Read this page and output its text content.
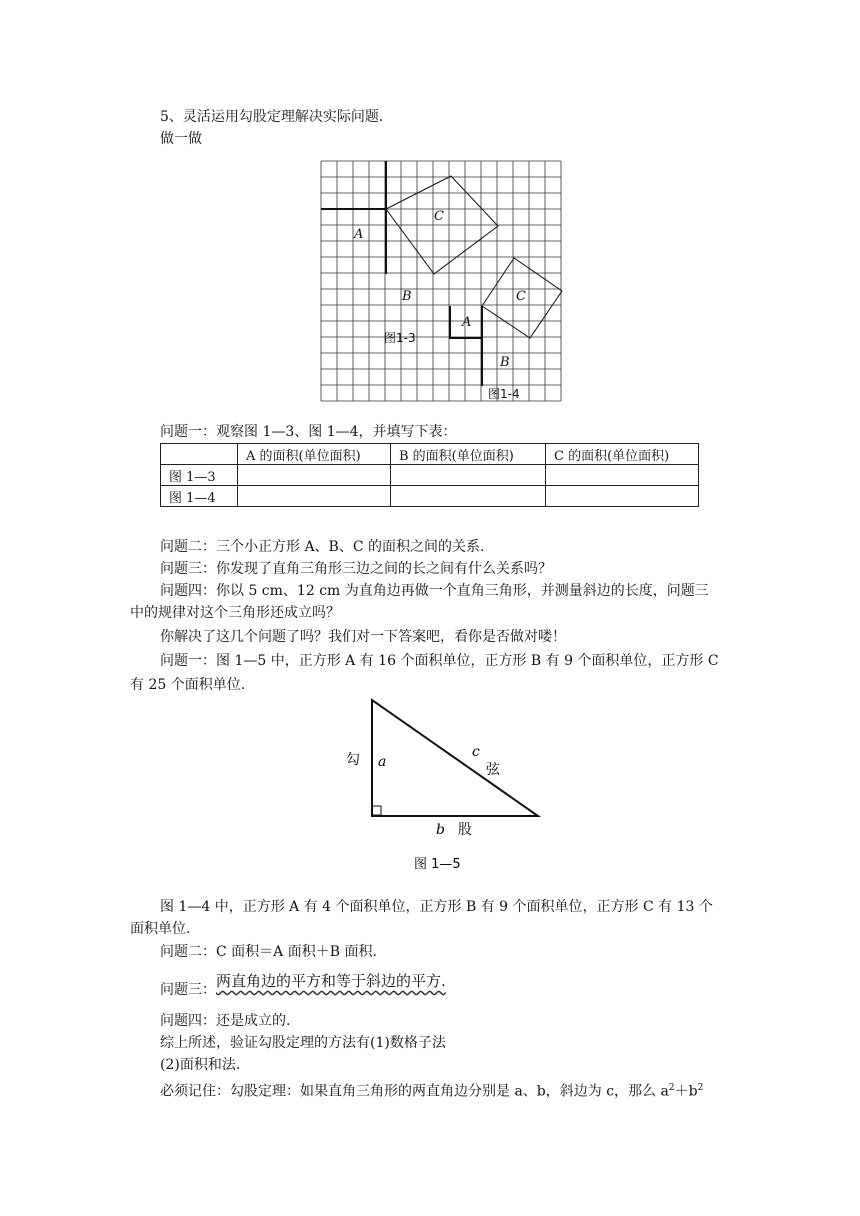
5、灵活运用勾股定理解决实际问题.
做一做
A
C
B	C
A
B
图1-3
图1-4
问题一：观察图 1—3、图 1—4，并填写下表：
	A 的面积(单位面积)	B 的面积(单位面积)	C 的面积(单位面积)
图 1—3			
图 1—4			
问题二：三个小正方形 A、B、C 的面积之间的关系.
问题三：你发现了直角三角形三边之间的长之间有什么关系吗？
问题四：你以 5 cm、12 cm 为直角边再做一个直角三角形，并测量斜边的长度，问题三
中的规律对这个三角形还成立吗？
你解决了这几个问题了吗？我们对一下答案吧，看你是否做对喽！
问题一：图 1—5 中，正方形 A 有 16 个面积单位，正方形 B 有 9 个面积单位，正方形 C
有 25 个面积单位.
勾 a
c
弦
b 股
图 1—5
图 1—4 中，正方形 A 有 4 个面积单位，正方形 B 有 9 个面积单位，正方形 C 有 13 个
面积单位.
问题二：C 面积＝A 面积＋B 面积.
问题三：两直角边的平方和等于斜边的平方.
问题四：还是成立的.
综上所述，验证勾股定理的方法有(1)数格子法
(2)面积和法.
必须记住：勾股定理：如果直角三角形的两直角边分别是 a、b，斜边为 c，那么 $a^2+b^2$
